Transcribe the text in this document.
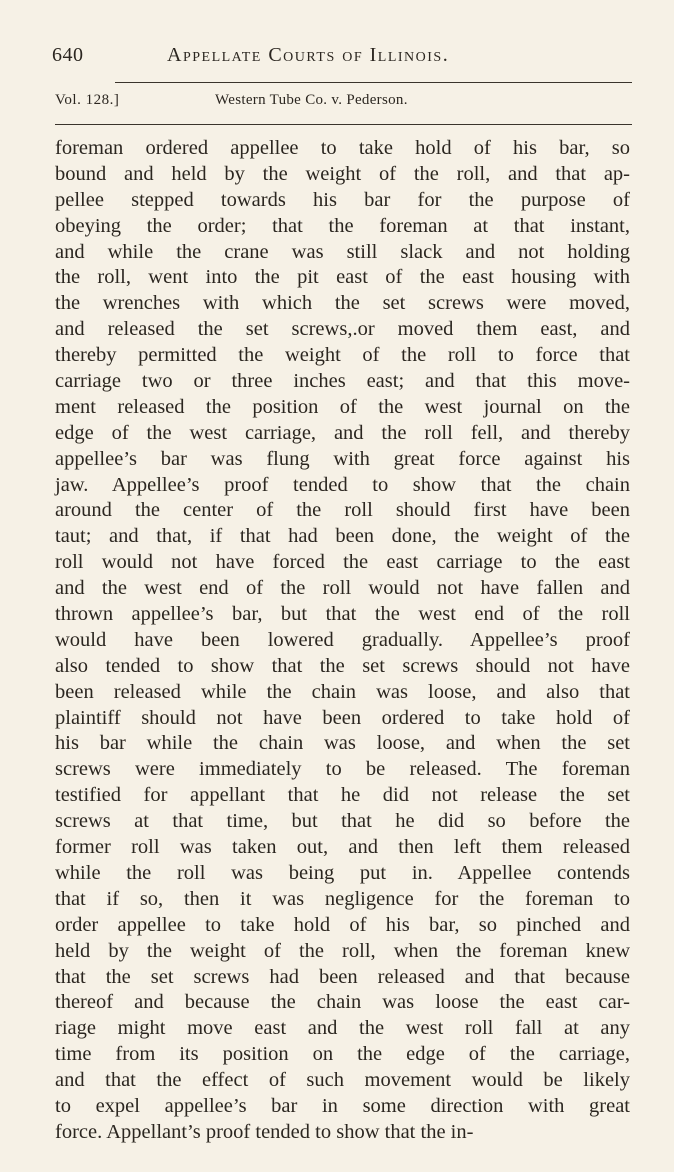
640	Appellate Courts of Illinois.
Vol. 128.]	Western Tube Co. v. Pederson.
foreman ordered appellee to take hold of his bar, so
bound and held by the weight of the roll, and that ap-
pellee stepped towards his bar for the purpose of
obeying the order; that the foreman at that instant,
and while the crane was still slack and not holding
the roll, went into the pit east of the east housing with
the wrenches with which the set screws were moved,
and released the set screws,.or moved them east, and
thereby permitted the weight of the roll to force that
carriage two or three inches east; and that this move-
ment released the position of the west journal on the
edge of the west carriage, and the roll fell, and thereby
appellee’s bar was flung with great force against his
jaw. Appellee’s proof tended to show that the chain
around the center of the roll should first have been
taut; and that, if that had been done, the weight of the
roll would not have forced the east carriage to the east
and the west end of the roll would not have fallen and
thrown appellee’s bar, but that the west end of the roll
would have been lowered gradually. Appellee’s proof
also tended to show that the set screws should not have
been released while the chain was loose, and also that
plaintiff should not have been ordered to take hold of
his bar while the chain was loose, and when the set
screws were immediately to be released. The foreman
testified for appellant that he did not release the set
screws at that time, but that he did so before the
former roll was taken out, and then left them released
while the roll was being put in. Appellee contends
that if so, then it was negligence for the foreman to
order appellee to take hold of his bar, so pinched and
held by the weight of the roll, when the foreman knew
that the set screws had been released and that because
thereof and because the chain was loose the east car-
riage might move east and the west roll fall at any
time from its position on the edge of the carriage,
and that the effect of such movement would be likely
to expel appellee’s bar in some direction with great
force. Appellant’s proof tended to show that the in-
